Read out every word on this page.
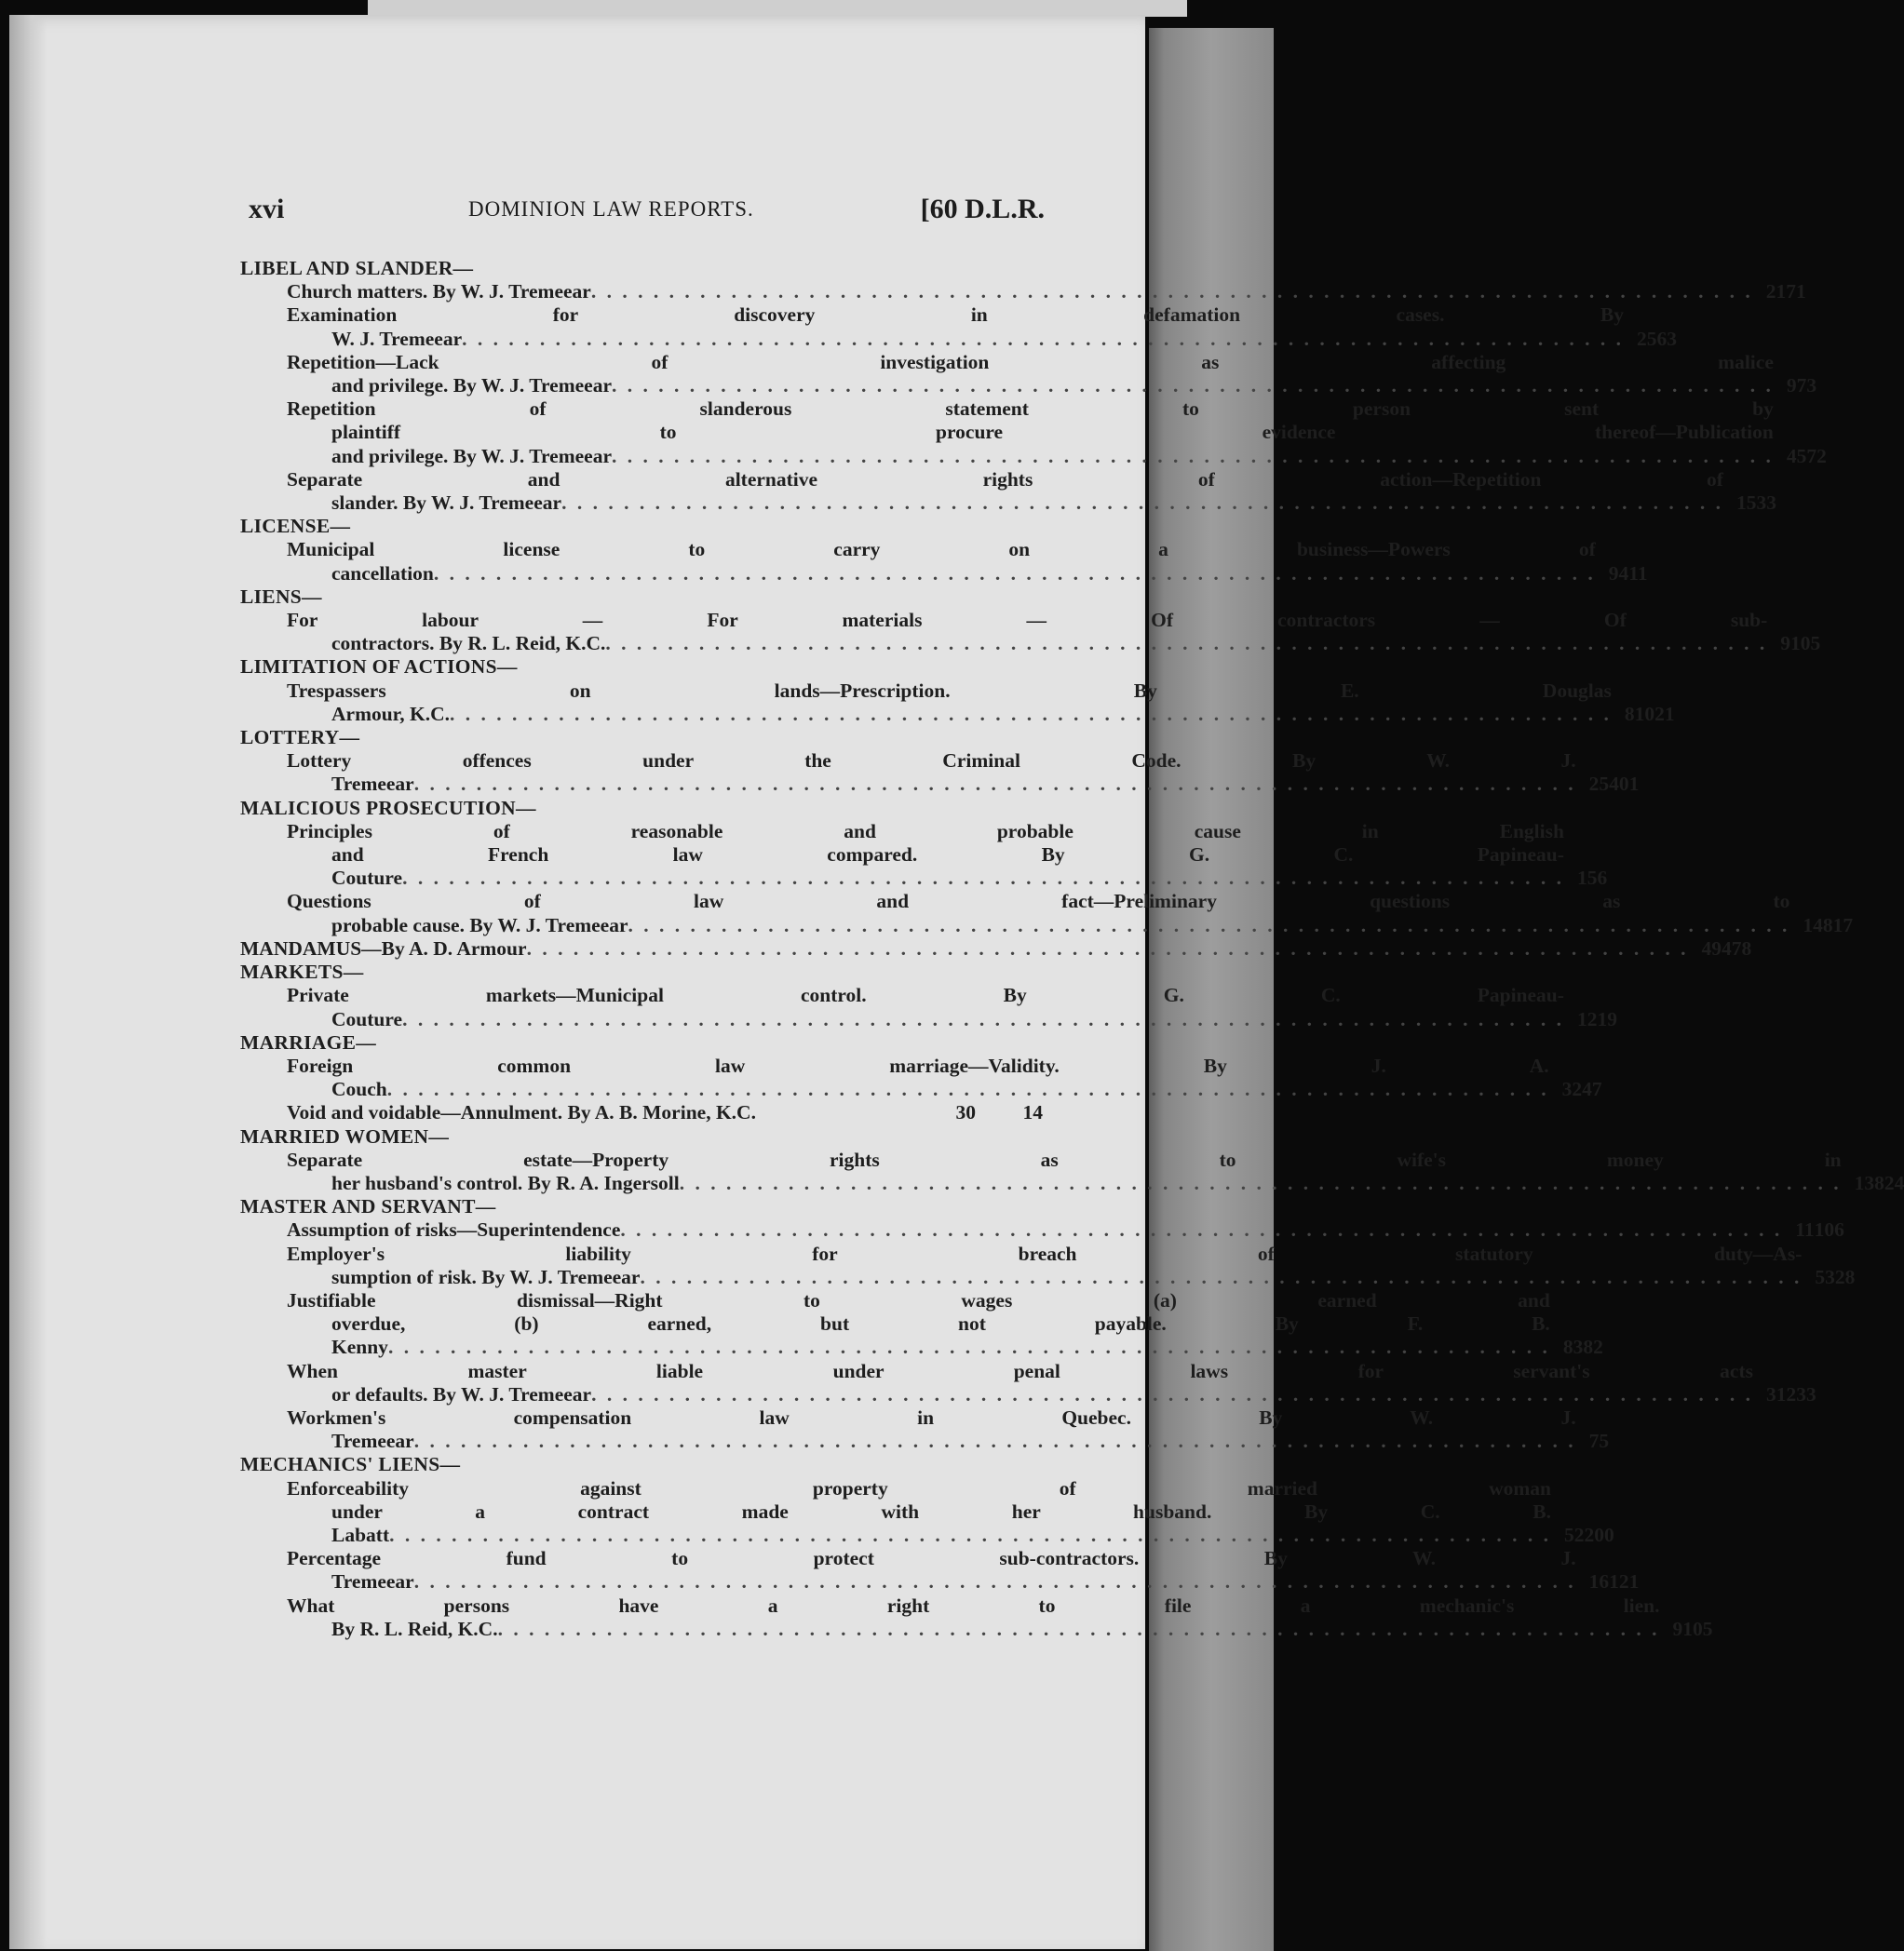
xvi	DOMINION LAW REPORTS.	[60 D.L.R.
LIBEL AND SLANDER—
Church matters. By W. J. Tremeear . . . . . . . . . . . . . . . . . . . . . . . . . . . . . . . . . . . . . . . . . . . . . . . . . . . . . . . . . . . . . . . . . . . . . . . . . . . 21 71
Examination for discovery in defamation cases. By
W. J. Tremeear . . . . . . . . . . . . . . . . . . . . . . . . . . . . . . . . . . . . . . . . . . . . . . . . . . . . . . . . . . . . . . . . . . . . . . . . . . . 2 563
Repetition—Lack of investigation as affecting malice
and privilege. By W. J. Tremeear . . . . . . . . . . . . . . . . . . . . . . . . . . . . . . . . . . . . . . . . . . . . . . . . . . . . . . . . . . . . . . . . . . . . . . . . . . . 9 73
Repetition of slanderous statement to person sent by
plaintiff to procure evidence thereof—Publication
and privilege. By W. J. Tremeear . . . . . . . . . . . . . . . . . . . . . . . . . . . . . . . . . . . . . . . . . . . . . . . . . . . . . . . . . . . . . . . . . . . . . . . . . . . 4 572
Separate and alternative rights of action—Repetition of
slander. By W. J. Tremeear . . . . . . . . . . . . . . . . . . . . . . . . . . . . . . . . . . . . . . . . . . . . . . . . . . . . . . . . . . . . . . . . . . . . . . . . . . . 1 533
LICENSE—
Municipal license to carry on a business—Powers of
cancellation . . . . . . . . . . . . . . . . . . . . . . . . . . . . . . . . . . . . . . . . . . . . . . . . . . . . . . . . . . . . . . . . . . . . . . . . . . . 9 411
LIENS—
For labour — For materials — Of contractors — Of sub-
contractors. By R. L. Reid, K.C. . . . . . . . . . . . . . . . . . . . . . . . . . . . . . . . . . . . . . . . . . . . . . . . . . . . . . . . . . . . . . . . . . . . . . . . . . . . 9 105
LIMITATION OF ACTIONS—
Trespassers on lands—Prescription. By E. Douglas
Armour, K.C. . . . . . . . . . . . . . . . . . . . . . . . . . . . . . . . . . . . . . . . . . . . . . . . . . . . . . . . . . . . . . . . . . . . . . . . . . . . 8 1021
LOTTERY—
Lottery offences under the Criminal Code. By W. J.
Tremeear . . . . . . . . . . . . . . . . . . . . . . . . . . . . . . . . . . . . . . . . . . . . . . . . . . . . . . . . . . . . . . . . . . . . . . . . . . . 25 401
MALICIOUS PROSECUTION—
Principles of reasonable and probable cause in English
and French law compared. By G. C. Papineau-
Couture . . . . . . . . . . . . . . . . . . . . . . . . . . . . . . . . . . . . . . . . . . . . . . . . . . . . . . . . . . . . . . . . . . . . . . . . . . . 1 56
Questions of law and fact—Preliminary questions as to
probable cause. By W. J. Tremeear . . . . . . . . . . . . . . . . . . . . . . . . . . . . . . . . . . . . . . . . . . . . . . . . . . . . . . . . . . . . . . . . . . . . . . . . . . . 14 817
MANDAMUS—By A. D. Armour . . . . . . . . . . . . . . . . . . . . . . . . . . . . . . . . . . . . . . . . . . . . . . . . . . . . . . . . . . . . . . . . . . . . . . . . . . . 49 478
MARKETS—
Private markets—Municipal control. By G. C. Papineau-
Couture . . . . . . . . . . . . . . . . . . . . . . . . . . . . . . . . . . . . . . . . . . . . . . . . . . . . . . . . . . . . . . . . . . . . . . . . . . . 1 219
MARRIAGE—
Foreign common law marriage—Validity. By J. A.
Couch . . . . . . . . . . . . . . . . . . . . . . . . . . . . . . . . . . . . . . . . . . . . . . . . . . . . . . . . . . . . . . . . . . . . . . . . . . . 3 247
Void and voidable—Annulment. By A. B. Morine, K.C.	30	14
MARRIED WOMEN—
Separate estate—Property rights as to wife's money in
her husband's control. By R. A. Ingersoll . . . . . . . . . . . . . . . . . . . . . . . . . . . . . . . . . . . . . . . . . . . . . . . . . . . . . . . . . . . . . . . . . . . . . . . . . . . 13 824
MASTER AND SERVANT—
Assumption of risks—Superintendence . . . . . . . . . . . . . . . . . . . . . . . . . . . . . . . . . . . . . . . . . . . . . . . . . . . . . . . . . . . . . . . . . . . . . . . . . . . 11 106
Employer's liability for breach of statutory duty—As-
sumption of risk. By W. J. Tremeear . . . . . . . . . . . . . . . . . . . . . . . . . . . . . . . . . . . . . . . . . . . . . . . . . . . . . . . . . . . . . . . . . . . . . . . . . . . 5 328
Justifiable dismissal—Right to wages (a) earned and
overdue, (b) earned, but not payable. By F. B.
Kenny . . . . . . . . . . . . . . . . . . . . . . . . . . . . . . . . . . . . . . . . . . . . . . . . . . . . . . . . . . . . . . . . . . . . . . . . . . . 8 382
When master liable under penal laws for servant's acts
or defaults. By W. J. Tremeear . . . . . . . . . . . . . . . . . . . . . . . . . . . . . . . . . . . . . . . . . . . . . . . . . . . . . . . . . . . . . . . . . . . . . . . . . . . 31 233
Workmen's compensation law in Quebec. By W. J.
Tremeear . . . . . . . . . . . . . . . . . . . . . . . . . . . . . . . . . . . . . . . . . . . . . . . . . . . . . . . . . . . . . . . . . . . . . . . . . . . 7 5
MECHANICS' LIENS—
Enforceability against property of married woman
under a contract made with her husband. By C. B.
Labatt . . . . . . . . . . . . . . . . . . . . . . . . . . . . . . . . . . . . . . . . . . . . . . . . . . . . . . . . . . . . . . . . . . . . . . . . . . . 52 200
Percentage fund to protect sub-contractors. By W. J.
Tremeear . . . . . . . . . . . . . . . . . . . . . . . . . . . . . . . . . . . . . . . . . . . . . . . . . . . . . . . . . . . . . . . . . . . . . . . . . . . 16 121
What persons have a right to file a mechanic's lien.
By R. L. Reid, K.C. . . . . . . . . . . . . . . . . . . . . . . . . . . . . . . . . . . . . . . . . . . . . . . . . . . . . . . . . . . . . . . . . . . . . . . . . . . . 9 105
